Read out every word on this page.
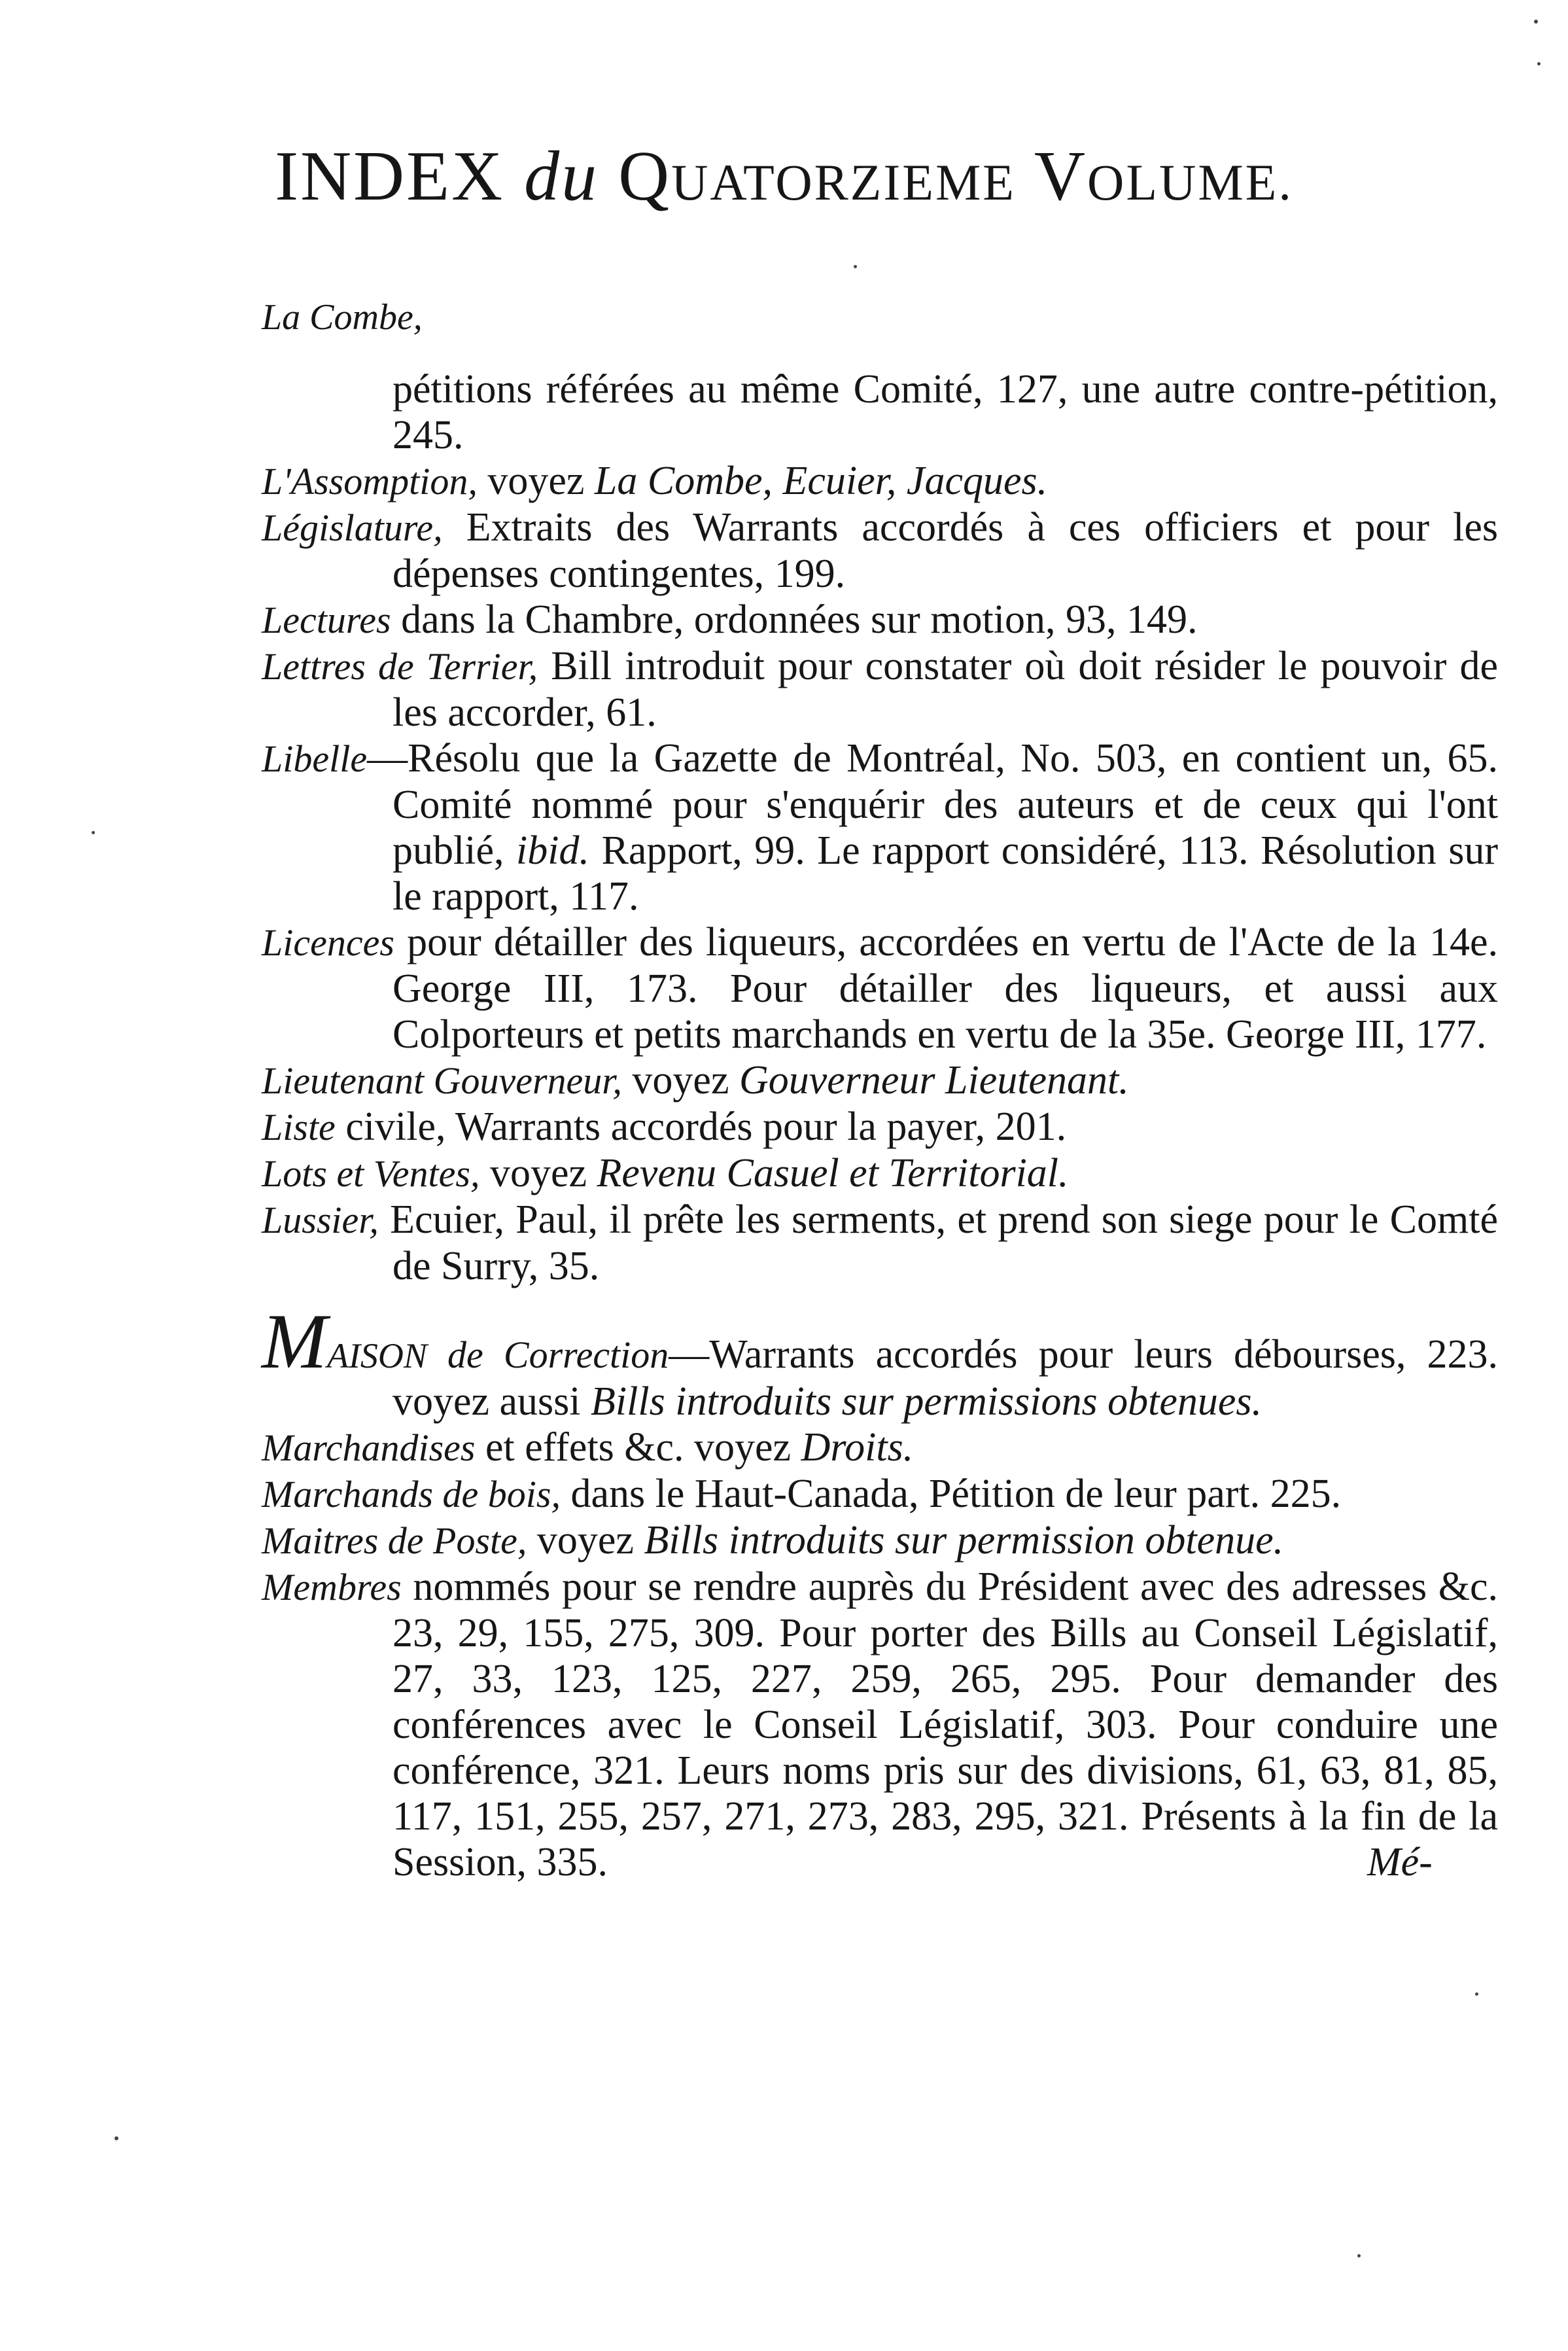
INDEX du QUATORZIEME VOLUME.
La Combe,

pétitions référées au même Comité, 127, une autre contre-pétition, 245.

L'Assomption, voyez La Combe, Ecuier, Jacques.

Législature, Extraits des Warrants accordés à ces officiers et pour les dépenses contingentes, 199.

Lectures dans la Chambre, ordonnées sur motion, 93, 149.

Lettres de Terrier, Bill introduit pour constater où doit résider le pouvoir de les accorder, 61.

Libelle—Résolu que la Gazette de Montréal, No. 503, en contient un, 65. Comité nommé pour s'enquérir des auteurs et de ceux qui l'ont publié, ibid. Rapport, 99. Le rapport considéré, 113. Résolution sur le rapport, 117.

Licences pour détailler des liqueurs, accordées en vertu de l'Acte de la 14e. George III, 173. Pour détailler des liqueurs, et aussi aux Colporteurs et petits marchands en vertu de la 35e. George III, 177.

Lieutenant Gouverneur, voyez Gouverneur Lieutenant.

Liste civile, Warrants accordés pour la payer, 201.

Lots et Ventes, voyez Revenu Casuel et Territorial.

Lussier, Ecuier, Paul, il prête les serments, et prend son siege pour le Comté de Surry, 35.

MAISON de Correction—Warrants accordés pour leurs débourses, 223. voyez aussi Bills introduits sur permissions obtenues.

Marchandises et effets &c. voyez Droits.

Marchands de bois, dans le Haut-Canada, Pétition de leur part. 225.

Maitres de Poste, voyez Bills introduits sur permission obtenue.

Membres nommés pour se rendre auprès du Président avec des adresses &c. 23, 29, 155, 275, 309. Pour porter des Bills au Conseil Législatif, 27, 33, 123, 125, 227, 259, 265, 295. Pour demander des conférences avec le Conseil Législatif, 303. Pour conduire une conférence, 321. Leurs noms pris sur des divisions, 61, 63, 81, 85, 117, 151, 255, 257, 271, 273, 283, 295, 321. Présents à la fin de la Session, 335.	Mé-
